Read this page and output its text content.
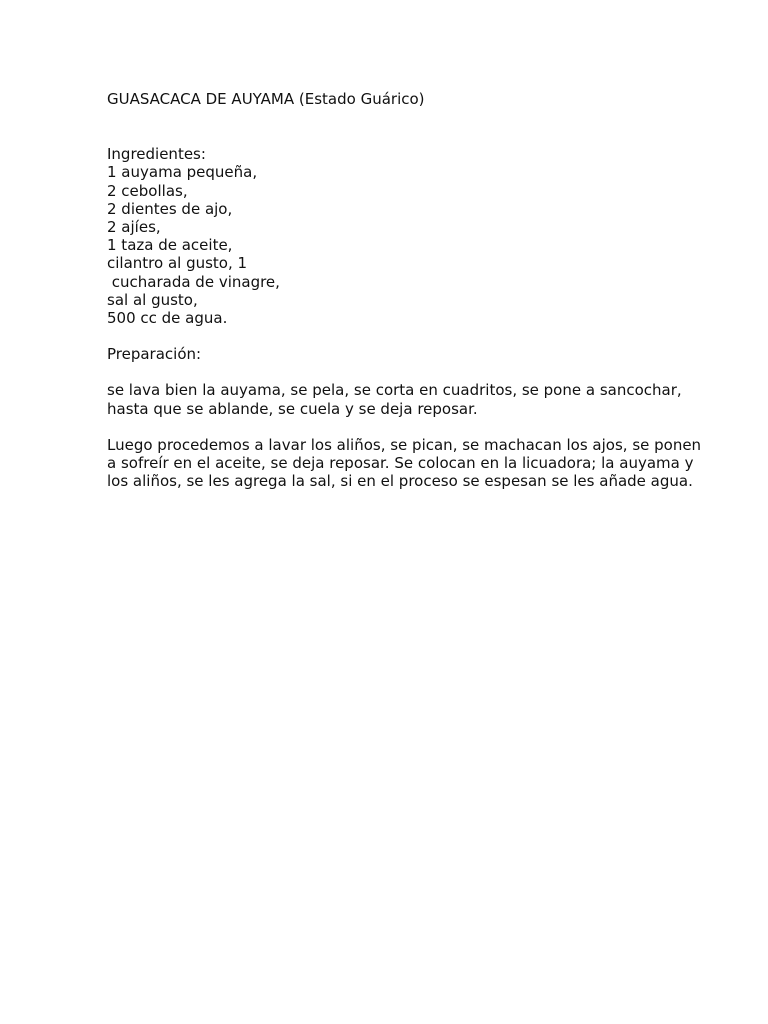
GUASACACA DE AUYAMA (Estado Guárico)
Ingredientes:
1 auyama pequeña,
2 cebollas,
2 dientes de ajo,
2 ajíes,
1 taza de aceite,
cilantro al gusto, 1
cucharada de vinagre,
sal al gusto,
500 cc de agua.
Preparación:

se lava bien la auyama, se pela, se corta en cuadritos, se pone a sancochar, hasta que se ablande, se cuela y se deja reposar.

Luego procedemos a lavar los aliños, se pican, se machacan los ajos, se ponen a sofreír en el aceite, se deja reposar. Se colocan en la licuadora; la auyama y los aliños, se les agrega la sal, si en el proceso se espesan se les añade agua.
